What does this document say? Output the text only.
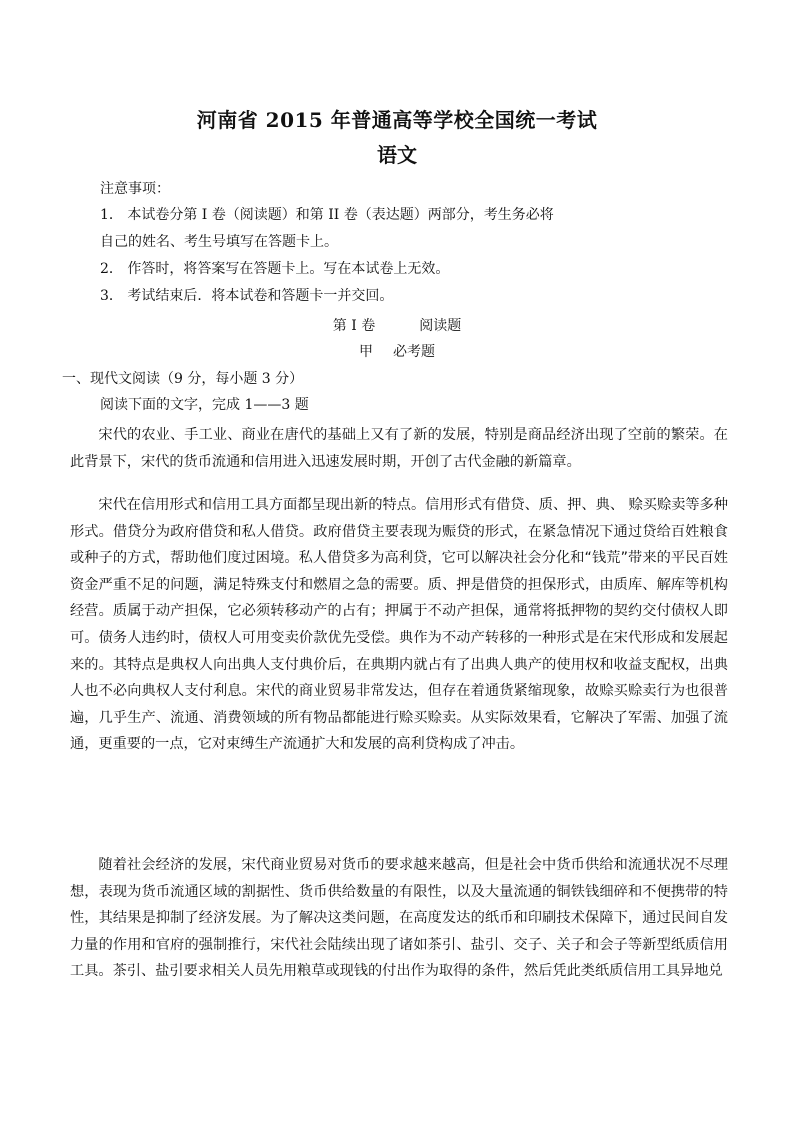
河南省 2015 年普通高等学校全国统一考试
语文
注意事项：
1． 本试卷分第 I 卷（阅读题）和第 II 卷（表达题）两部分，考生务必将
自己的姓名、考生号填写在答题卡上。
2． 作答时，将答案写在答题卡上。写在本试卷上无效。
3． 考试结束后．将本试卷和答题卡一并交回。
第 I 卷	阅读题
甲 必考题
一、现代文阅读（9 分，每小题 3 分）
阅读下面的文字，完成 1——3 题

宋代的农业、手工业、商业在唐代的基础上又有了新的发展，特别是商品经济出现了空前的繁荣。在此背景下，宋代的货币流通和信用进入迅速发展时期，开创了古代金融的新篇章。

宋代在信用形式和信用工具方面都呈现出新的特点。信用形式有借贷、质、押、典、 赊买赊卖等多种形式。借贷分为政府借贷和私人借贷。政府借贷主要表现为赈贷的形式，在紧急情况下通过贷给百姓粮食或种子的方式，帮助他们度过困境。私人借贷多为高利贷，它可以解决社会分化和“钱荒”带来的平民百姓资金严重不足的问题，满足特殊支付和燃眉之急的需要。质、押是借贷的担保形式，由质库、解库等机构经营。质属于动产担保，它必须转移动产的占有；押属于不动产担保，通常将抵押物的契约交付债权人即可。债务人违约时，债权人可用变卖价款优先受偿。典作为不动产转移的一种形式是在宋代形成和发展起来的。其特点是典权人向出典人支付典价后，在典期内就占有了出典人典产的使用权和收益支配权，出典人也不必向典权人支付利息。宋代的商业贸易非常发达，但存在着通货紧缩现象，故赊买赊卖行为也很普遍，几乎生产、流通、消费领域的所有物品都能进行赊买赊卖。从实际效果看，它解决了军需、加强了流通，更重要的一点，它对束缚生产流通扩大和发展的高利贷构成了冲击。

随着社会经济的发展，宋代商业贸易对货币的要求越来越高，但是社会中货币供给和流通状况不尽理想，表现为货币流通区域的割据性、货币供给数量的有限性，以及大量流通的铜铁钱细碎和不便携带的特性，其结果是抑制了经济发展。为了解决这类问题，在高度发达的纸币和印刷技术保障下，通过民间自发力量的作用和官府的强制推行，宋代社会陆续出现了诸如茶引、盐引、交子、关子和会子等新型纸质信用工具。茶引、盐引要求相关人员先用粮草或现钱的付出作为取得的条件，然后凭此类纸质信用工具异地兑
